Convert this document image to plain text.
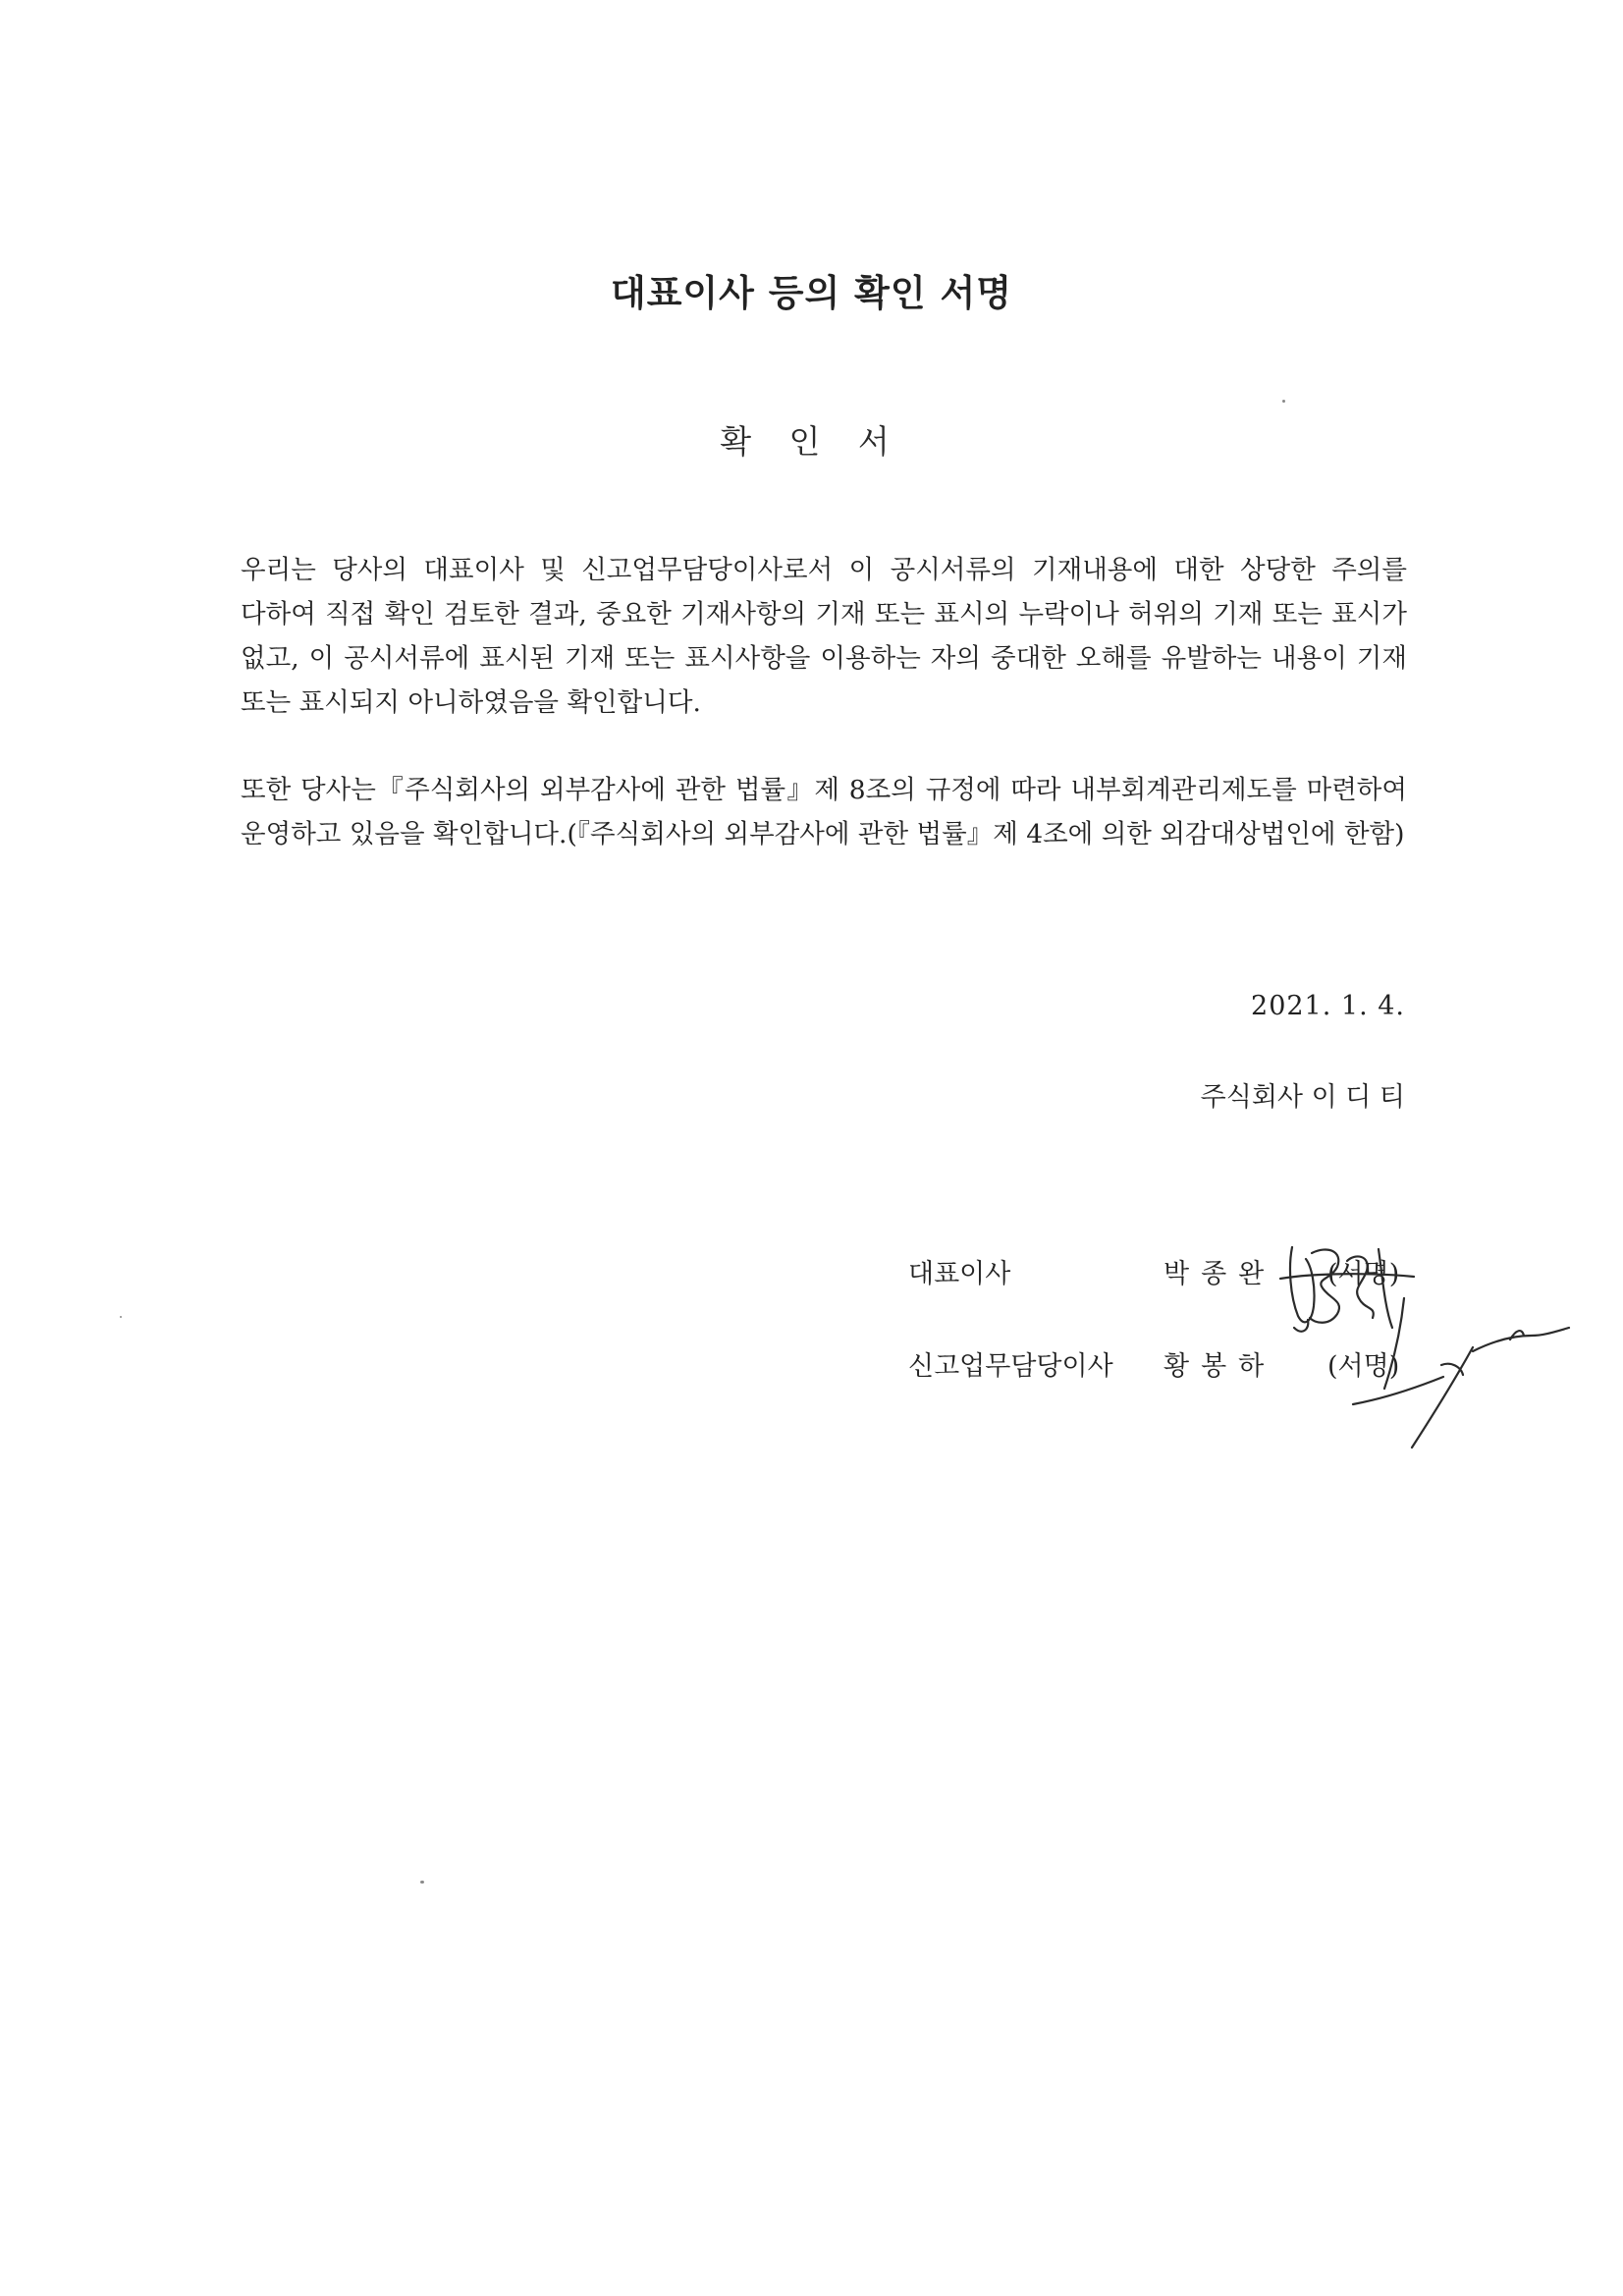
대표이사 등의 확인 서명
확 인 서
우리는 당사의 대표이사 및 신고업무담당이사로서 이 공시서류의 기재내용에 대한 상당한 주의를 다하여 직접 확인 검토한 결과, 중요한 기재사항의 기재 또는 표시의 누락이나 허위의 기재 또는 표시가 없고, 이 공시서류에 표시된 기재 또는 표시사항을 이용하는 자의 중대한 오해를 유발하는 내용이 기재 또는 표시되지 아니하였음을 확인합니다.
또한 당사는『주식회사의 외부감사에 관한 법률』제 8조의 규정에 따라 내부회계관리제도를 마련하여 운영하고 있음을 확인합니다.(『주식회사의 외부감사에 관한 법률』제 4조에 의한 외감대상법인에 한함)
2021. 1. 4.
주식회사 이 디 티
대표이사	박종완 (서명)
신고업무담당이사 황봉하 (서명)
